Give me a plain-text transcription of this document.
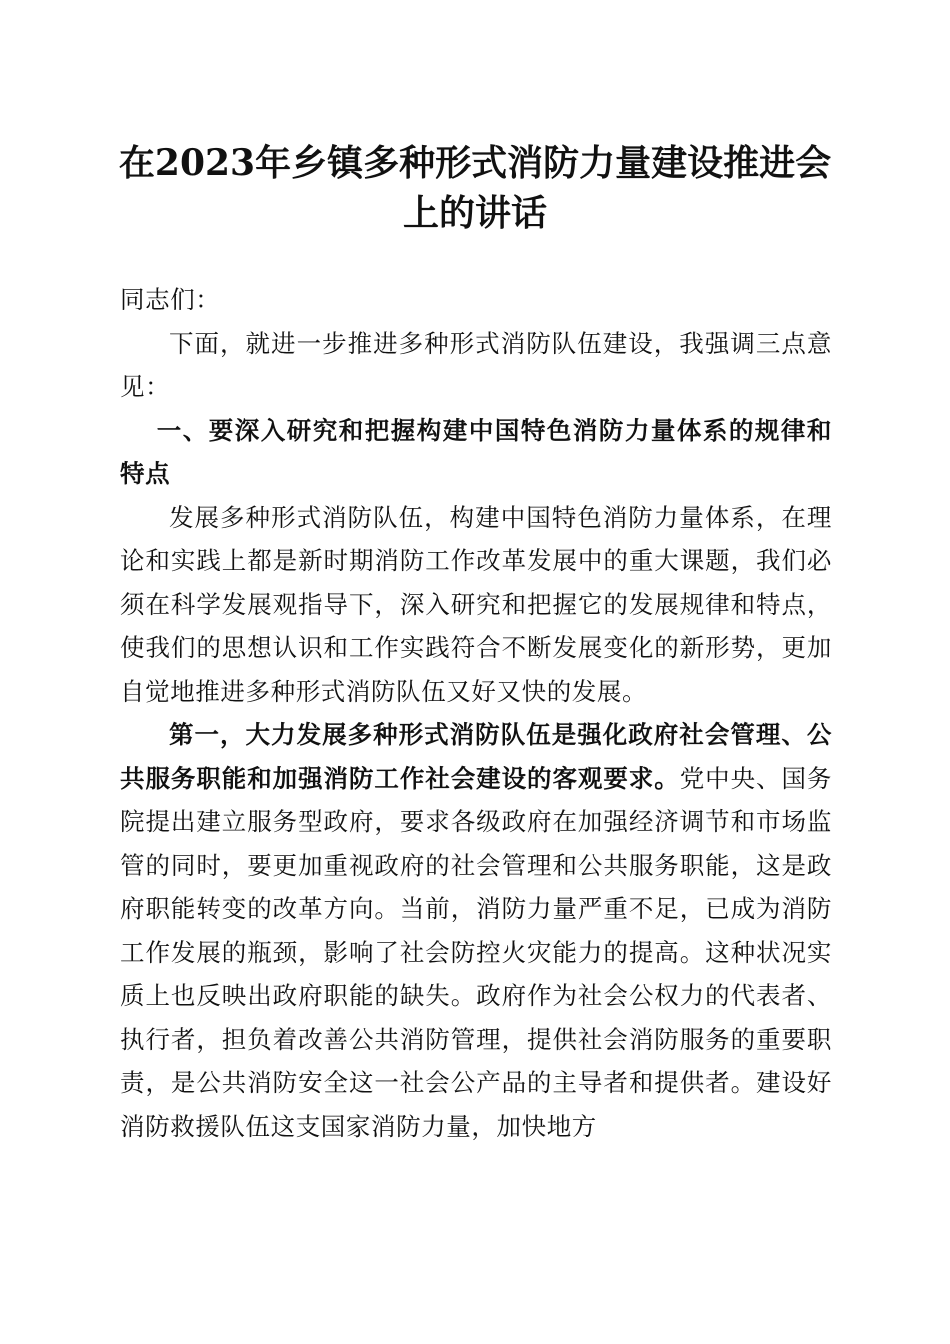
在2023年乡镇多种形式消防力量建设推进会
上的讲话

同志们：

下面，就进一步推进多种形式消防队伍建设，我强调三点意见：

一、要深入研究和把握构建中国特色消防力量体系的规律和特点

发展多种形式消防队伍，构建中国特色消防力量体系，在理论和实践上都是新时期消防工作改革发展中的重大课题，我们必须在科学发展观指导下，深入研究和把握它的发展规律和特点，使我们的思想认识和工作实践符合不断发展变化的新形势，更加自觉地推进多种形式消防队伍又好又快的发展。

第一，大力发展多种形式消防队伍是强化政府社会管理、公共服务职能和加强消防工作社会建设的客观要求。党中央、国务院提出建立服务型政府，要求各级政府在加强经济调节和市场监管的同时，要更加重视政府的社会管理和公共服务职能，这是政府职能转变的改革方向。当前，消防力量严重不足，已成为消防工作发展的瓶颈，影响了社会防控火灾能力的提高。这种状况实质上也反映出政府职能的缺失。政府作为社会公权力的代表者、执行者，担负着改善公共消防管理，提供社会消防服务的重要职责，是公共消防安全这一社会公产品的主导者和提供者。建设好消防救援队伍这支国家消防力量，加快地方
